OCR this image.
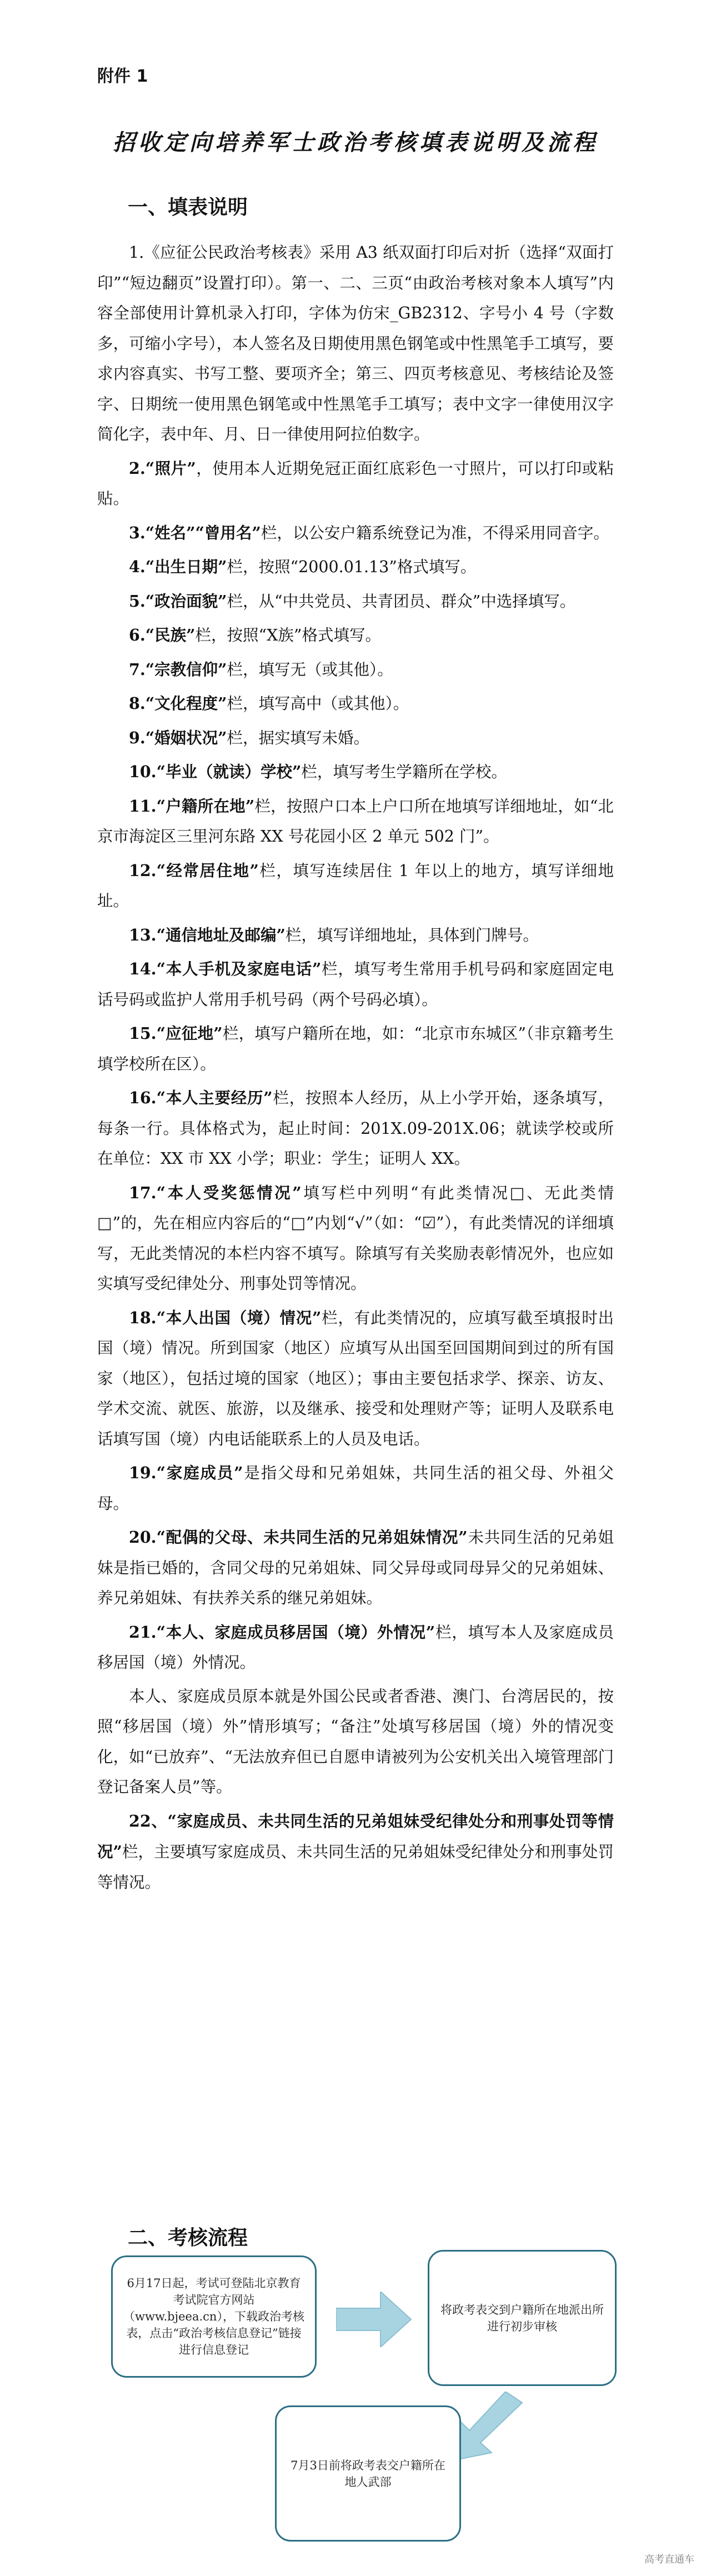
附件 1
招收定向培养军士政治考核填表说明及流程
一、填表说明

1.《应征公民政治考核表》采用 A3 纸双面打印后对折（选择“双面打印”“短边翻页”设置打印）。第一、二、三页“由政治考核对象本人填写”内容全部使用计算机录入打印，字体为仿宋_GB2312、字号小 4 号（字数多，可缩小字号），本人签名及日期使用黑色钢笔或中性黑笔手工填写，要求内容真实、书写工整、要项齐全；第三、四页考核意见、考核结论及签字、日期统一使用黑色钢笔或中性黑笔手工填写；表中文字一律使用汉字简化字，表中年、月、日一律使用阿拉伯数字。

2.“照片”，使用本人近期免冠正面红底彩色一寸照片，可以打印或粘贴。

3.“姓名”“曾用名”栏，以公安户籍系统登记为准，不得采用同音字。

4.“出生日期”栏，按照“2000.01.13”格式填写。

5.“政治面貌”栏，从“中共党员、共青团员、群众”中选择填写。

6.“民族”栏，按照“X族”格式填写。

7.“宗教信仰”栏，填写无（或其他）。

8.“文化程度”栏，填写高中（或其他）。

9.“婚姻状况”栏，据实填写未婚。

10.“毕业（就读）学校”栏，填写考生学籍所在学校。

11.“户籍所在地”栏，按照户口本上户口所在地填写详细地址，如“北京市海淀区三里河东路 XX 号花园小区 2 单元 502 门”。

12.“经常居住地”栏，填写连续居住 1 年以上的地方，填写详细地址。

13.“通信地址及邮编”栏，填写详细地址，具体到门牌号。

14.“本人手机及家庭电话”栏，填写考生常用手机号码和家庭固定电话号码或监护人常用手机号码（两个号码必填）。

15.“应征地”栏，填写户籍所在地，如：“北京市东城区”（非京籍考生填学校所在区）。

16.“本人主要经历”栏，按照本人经历，从上小学开始，逐条填写，每条一行。具体格式为，起止时间：201X.09-201X.06；就读学校或所在单位：XX 市 XX 小学；职业：学生；证明人 XX。

17.“本人受奖惩情况”填写栏中列明“有此类情况□、无此类情□”的，先在相应内容后的“□”内划“√”（如：“☑”），有此类情况的详细填写，无此类情况的本栏内容不填写。除填写有关奖励表彰情况外，也应如实填写受纪律处分、刑事处罚等情况。

18.“本人出国（境）情况”栏，有此类情况的，应填写截至填报时出国（境）情况。所到国家（地区）应填写从出国至回国期间到过的所有国家（地区），包括过境的国家（地区）；事由主要包括求学、探亲、访友、学术交流、就医、旅游，以及继承、接受和处理财产等；证明人及联系电话填写国（境）内电话能联系上的人员及电话。

19.“家庭成员”是指父母和兄弟姐妹，共同生活的祖父母、外祖父母。

20.“配偶的父母、未共同生活的兄弟姐妹情况”未共同生活的兄弟姐妹是指已婚的，含同父母的兄弟姐妹、同父异母或同母异父的兄弟姐妹、养兄弟姐妹、有扶养关系的继兄弟姐妹。

21.“本人、家庭成员移居国（境）外情况”栏，填写本人及家庭成员移居国（境）外情况。

本人、家庭成员原本就是外国公民或者香港、澳门、台湾居民的，按照“移居国（境）外”情形填写；“备注”处填写移居国（境）外的情况变化，如“已放弃”、“无法放弃但已自愿申请被列为公安机关出入境管理部门登记备案人员”等。

22、“家庭成员、未共同生活的兄弟姐妹受纪律处分和刑事处罚等情况”栏，主要填写家庭成员、未共同生活的兄弟姐妹受纪律处分和刑事处罚等情况。

二、考核流程
6月17日起，考试可登陆北京教育考试院官方网站（www.bjeea.cn），下载政治考核表，点击“政治考核信息登记”链接进行信息登记
将政考表交到户籍所在地派出所进行初步审核
7月3日前将政考表交户籍所在地人武部
高考直通车
